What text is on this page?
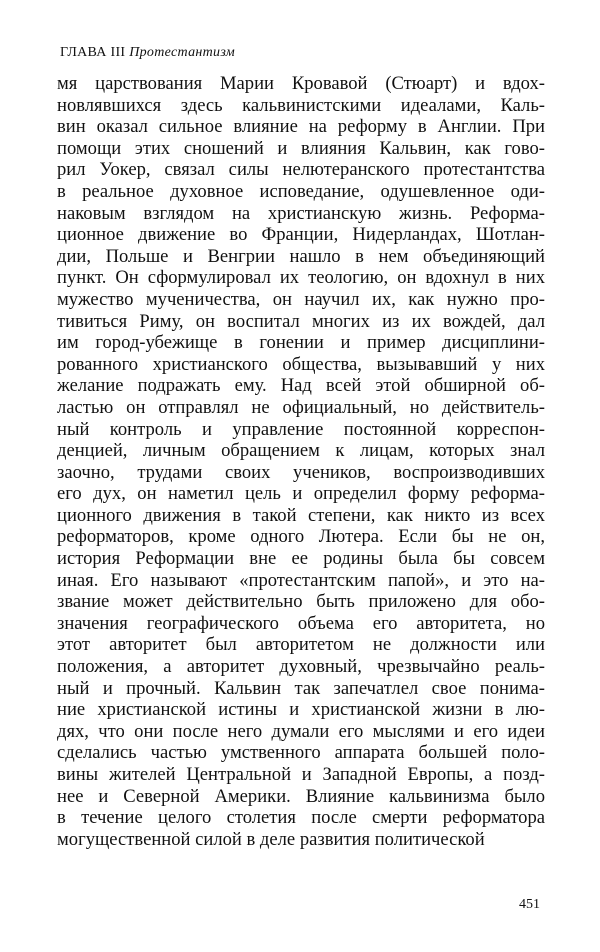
ГЛАВА III Протестантизм
мя царствования Марии Кровавой (Стюарт) и вдох-
новлявшихся здесь кальвинистскими идеалами, Каль-
вин оказал сильное влияние на реформу в Англии. При
помощи этих сношений и влияния Кальвин, как гово-
рил Уокер, связал силы нелютеранского протестантства
в реальное духовное исповедание, одушевленное оди-
наковым взглядом на христианскую жизнь. Реформа-
ционное движение во Франции, Нидерландах, Шотлан-
дии, Польше и Венгрии нашло в нем объединяющий
пункт. Он сформулировал их теологию, он вдохнул в них
мужество мученичества, он научил их, как нужно про-
тивиться Риму, он воспитал многих из их вождей, дал
им город-убежище в гонении и пример дисциплини-
рованного христианского общества, вызывавший у них
желание подражать ему. Над всей этой обширной об-
ластью он отправлял не официальный, но действитель-
ный контроль и управление постоянной корреспон-
денцией, личным обращением к лицам, которых знал
заочно, трудами своих учеников, воспроизводивших
его дух, он наметил цель и определил форму реформа-
ционного движения в такой степени, как никто из всех
реформаторов, кроме одного Лютера. Если бы не он,
история Реформации вне ее родины была бы совсем
иная. Его называют «протестантским папой», и это на-
звание может действительно быть приложено для обо-
значения географического объема его авторитета, но
этот авторитет был авторитетом не должности или
положения, а авторитет духовный, чрезвычайно реаль-
ный и прочный. Кальвин так запечатлел свое понима-
ние христианской истины и христианской жизни в лю-
дях, что они после него думали его мыслями и его идеи
сделались частью умственного аппарата большей поло-
вины жителей Центральной и Западной Европы, а позд-
нее и Северной Америки. Влияние кальвинизма было
в течение целого столетия после смерти реформатора
могущественной силой в деле развития политической
451
